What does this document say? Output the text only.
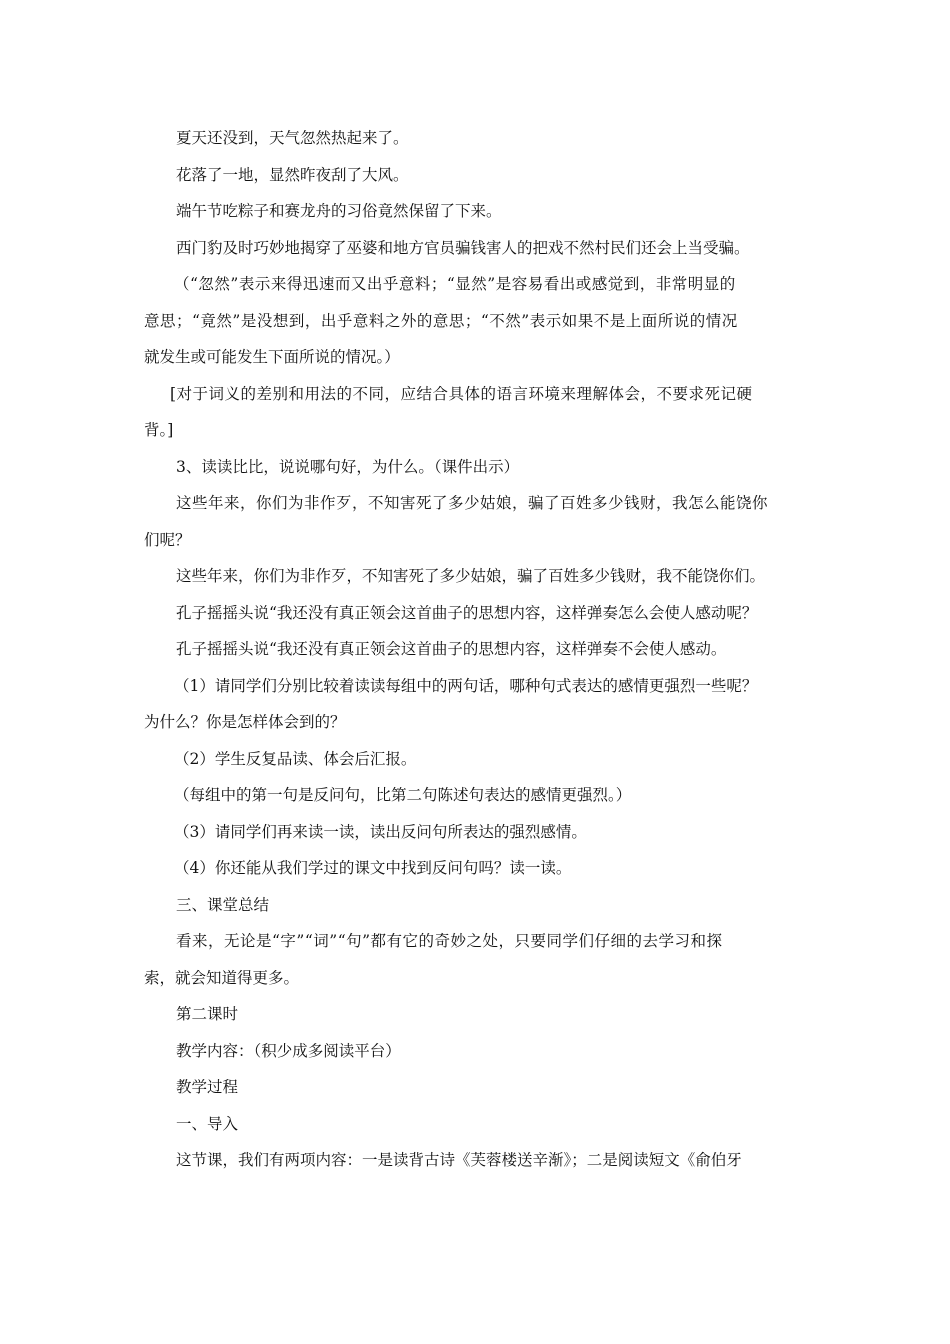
夏天还没到，天气忽然热起来了。
花落了一地，显然昨夜刮了大风。
端午节吃粽子和赛龙舟的习俗竟然保留了下来。
西门豹及时巧妙地揭穿了巫婆和地方官员骗钱害人的把戏不然村民们还会上当受骗。
（“忽然”表示来得迅速而又出乎意料；“显然”是容易看出或感觉到，非常明显的
意思；“竟然”是没想到，出乎意料之外的意思；“不然”表示如果不是上面所说的情况
就发生或可能发生下面所说的情况。）
[对于词义的差别和用法的不同，应结合具体的语言环境来理解体会，不要求死记硬
背。]
3、读读比比，说说哪句好，为什么。（课件出示）
这些年来，你们为非作歹，不知害死了多少姑娘，骗了百姓多少钱财，我怎么能饶你
们呢？
这些年来，你们为非作歹，不知害死了多少姑娘，骗了百姓多少钱财，我不能饶你们。
孔子摇摇头说“我还没有真正领会这首曲子的思想内容，这样弹奏怎么会使人感动呢？
孔子摇摇头说“我还没有真正领会这首曲子的思想内容，这样弹奏不会使人感动。
（1）请同学们分别比较着读读每组中的两句话，哪种句式表达的感情更强烈一些呢？
为什么？你是怎样体会到的？
（2）学生反复品读、体会后汇报。
（每组中的第一句是反问句，比第二句陈述句表达的感情更强烈。）
（3）请同学们再来读一读，读出反问句所表达的强烈感情。
（4）你还能从我们学过的课文中找到反问句吗？读一读。
三、课堂总结
看来，无论是“字”“词”“句”都有它的奇妙之处，只要同学们仔细的去学习和探
索，就会知道得更多。
第二课时
教学内容：（积少成多阅读平台）
教学过程
一、导入
这节课，我们有两项内容：一是读背古诗《芙蓉楼送辛渐》；二是阅读短文《俞伯牙
